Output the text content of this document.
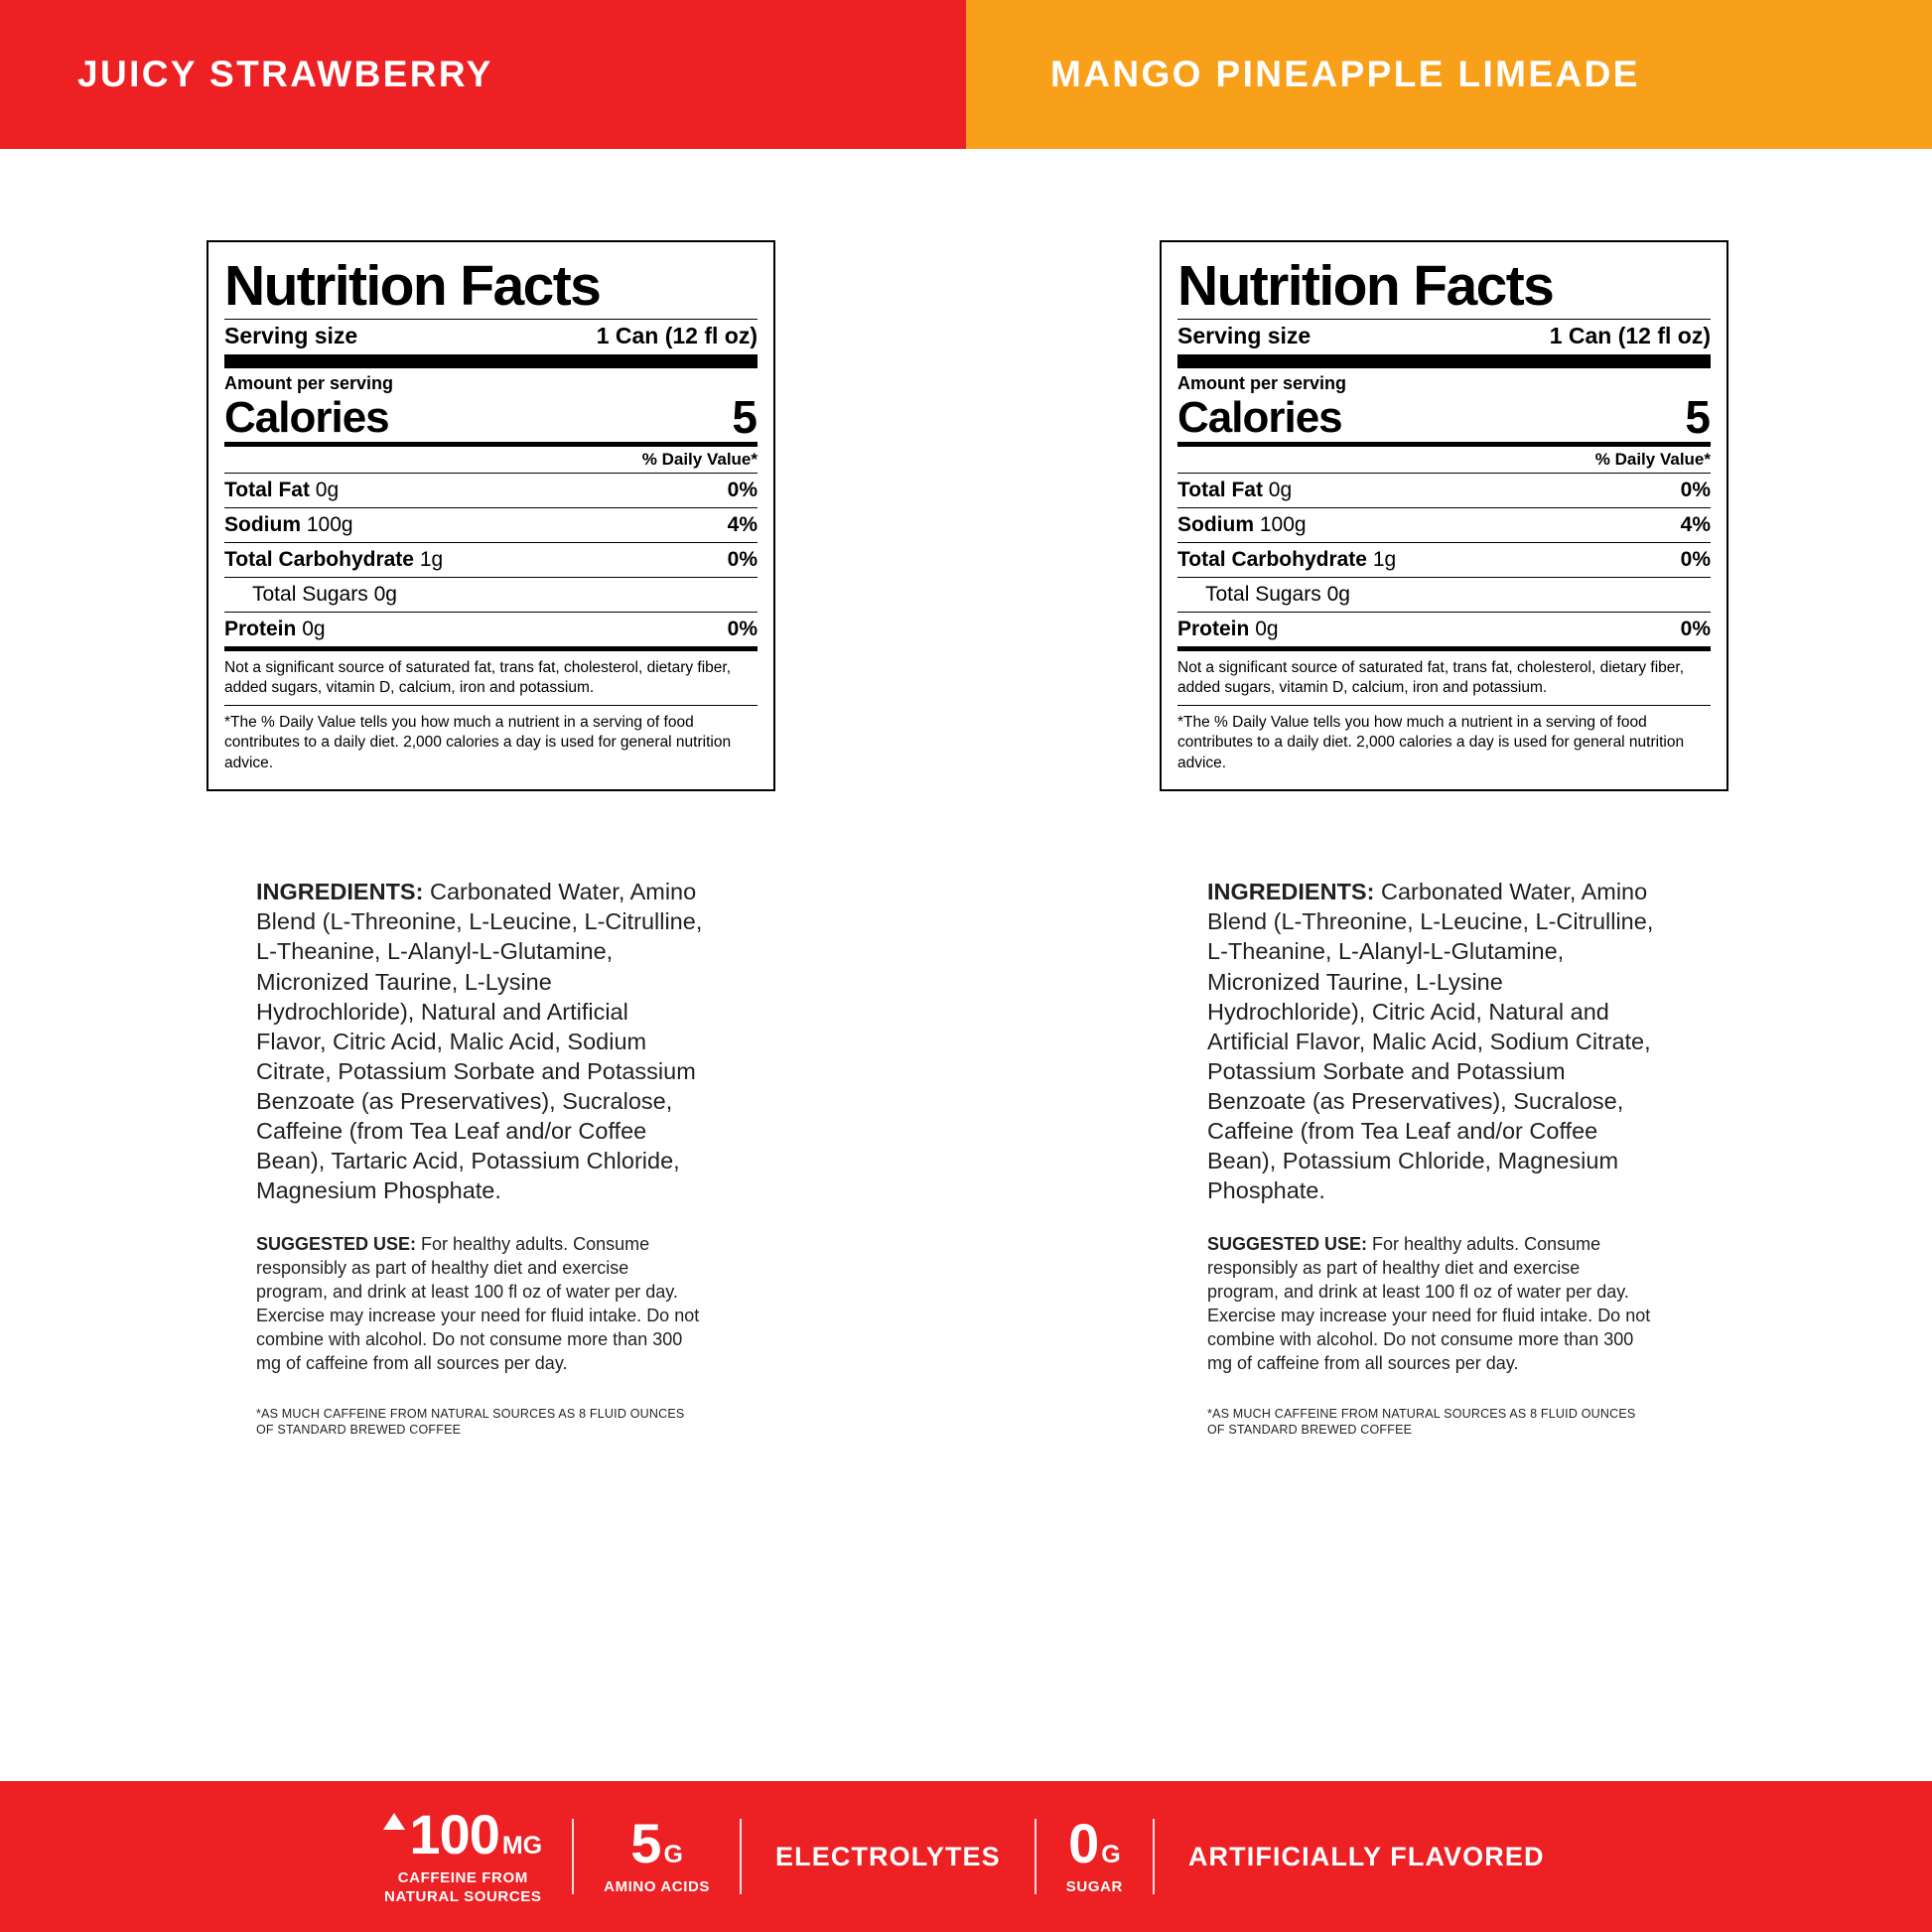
JUICY STRAWBERRY	MANGO PINEAPPLE LIMEADE
Nutrition Facts
Serving size	1 Can (12 fl oz)
Amount per serving
Calories	5
% Daily Value*
Total Fat 0g	0%
Sodium 100g	4%
Total Carbohydrate 1g	0%
Total Sugars 0g
Protein 0g	0%
Not a significant source of saturated fat, trans fat, cholesterol, dietary fiber, added sugars, vitamin D, calcium, iron and potassium.
*The % Daily Value tells you how much a nutrient in a serving of food contributes to a daily diet. 2,000 calories a day is used for general nutrition advice.

INGREDIENTS: Carbonated Water, Amino Blend (L-Threonine, L-Leucine, L-Citrulline, L-Theanine, L-Alanyl-L-Glutamine, Micronized Taurine, L-Lysine Hydrochloride), Natural and Artificial Flavor, Citric Acid, Malic Acid, Sodium Citrate, Potassium Sorbate and Potassium Benzoate (as Preservatives), Sucralose, Caffeine (from Tea Leaf and/or Coffee Bean), Tartaric Acid, Potassium Chloride, Magnesium Phosphate.

SUGGESTED USE: For healthy adults. Consume responsibly as part of healthy diet and exercise program, and drink at least 100 fl oz of water per day. Exercise may increase your need for fluid intake. Do not combine with alcohol. Do not consume more than 300 mg of caffeine from all sources per day.

*AS MUCH CAFFEINE FROM NATURAL SOURCES AS 8 FLUID OUNCES OF STANDARD BREWED COFFEE

Nutrition Facts
Serving size	1 Can (12 fl oz)
Amount per serving
Calories	5
% Daily Value*
Total Fat 0g	0%
Sodium 100g	4%
Total Carbohydrate 1g	0%
Total Sugars 0g
Protein 0g	0%
Not a significant source of saturated fat, trans fat, cholesterol, dietary fiber, added sugars, vitamin D, calcium, iron and potassium.
*The % Daily Value tells you how much a nutrient in a serving of food contributes to a daily diet. 2,000 calories a day is used for general nutrition advice.

INGREDIENTS: Carbonated Water, Amino Blend (L-Threonine, L-Leucine, L-Citrulline, L-Theanine, L-Alanyl-L-Glutamine, Micronized Taurine, L-Lysine Hydrochloride), Citric Acid, Natural and Artificial Flavor, Malic Acid, Sodium Citrate, Potassium Sorbate and Potassium Benzoate (as Preservatives), Sucralose, Caffeine (from Tea Leaf and/or Coffee Bean), Potassium Chloride, Magnesium Phosphate.

SUGGESTED USE: For healthy adults. Consume responsibly as part of healthy diet and exercise program, and drink at least 100 fl oz of water per day. Exercise may increase your need for fluid intake. Do not combine with alcohol. Do not consume more than 300 mg of caffeine from all sources per day.

*AS MUCH CAFFEINE FROM NATURAL SOURCES AS 8 FLUID OUNCES OF STANDARD BREWED COFFEE

100 MG
CAFFEINE FROM
NATURAL SOURCES
5 G
AMINO ACIDS
ELECTROLYTES	0 G
SUGAR
ARTIFICIALLY FLAVORED
